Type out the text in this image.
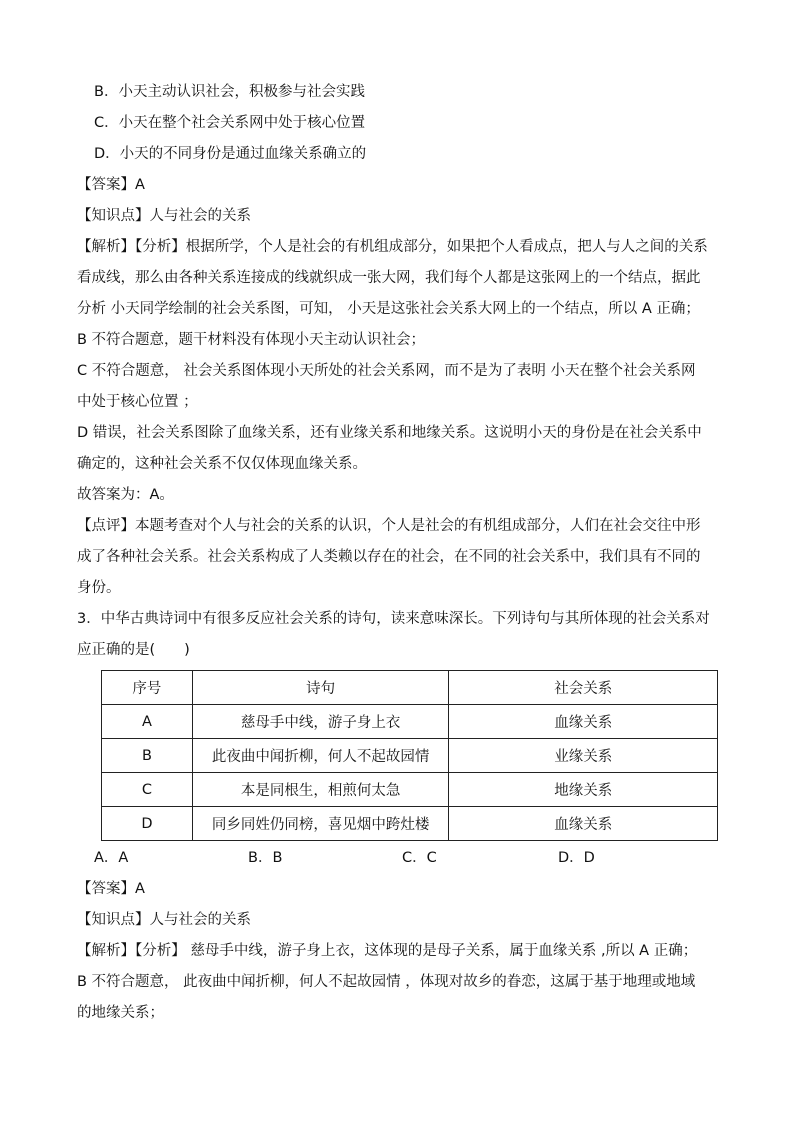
B．小天主动认识社会，积极参与社会实践
C．小天在整个社会关系网中处于核心位置
D．小天的不同身份是通过血缘关系确立的
【答案】A
【知识点】人与社会的关系
【解析】【分析】根据所学，个人是社会的有机组成部分，如果把个人看成点，把人与人之间的关系
看成线，那么由各种关系连接成的线就织成一张大网，我们每个人都是这张网上的一个结点，据此
分析 小天同学绘制的社会关系图，可知， 小天是这张社会关系大网上的一个结点，所以 A 正确；
B 不符合题意，题干材料没有体现小天主动认识社会；
C 不符合题意， 社会关系图体现小天所处的社会关系网，而不是为了表明 小天在整个社会关系网
中处于核心位置 ；
D 错误，社会关系图除了血缘关系，还有业缘关系和地缘关系。这说明小天的身份是在社会关系中
确定的，这种社会关系不仅仅体现血缘关系。
故答案为：A。
【点评】本题考查对个人与社会的关系的认识，个人是社会的有机组成部分，人们在社会交往中形
成了各种社会关系。社会关系构成了人类赖以存在的社会，在不同的社会关系中，我们具有不同的
身份。
3．中华古典诗词中有很多反应社会关系的诗句，读来意味深长。下列诗句与其所体现的社会关系对
应正确的是(　　)
序号	诗句	社会关系
A	慈母手中线，游子身上衣	血缘关系
B	此夜曲中闻折柳，何人不起故园情	业缘关系
C	本是同根生，相煎何太急	地缘关系
D	同乡同姓仍同榜，喜见烟中跨灶楼	血缘关系
A．A	B．B	C．C	D．D
【答案】A
【知识点】人与社会的关系
【解析】【分析】 慈母手中线，游子身上衣，这体现的是母子关系，属于血缘关系 ,所以 A 正确；
B 不符合题意， 此夜曲中闻折柳，何人不起故园情 ，体现对故乡的眷恋，这属于基于地理或地域
的地缘关系；
